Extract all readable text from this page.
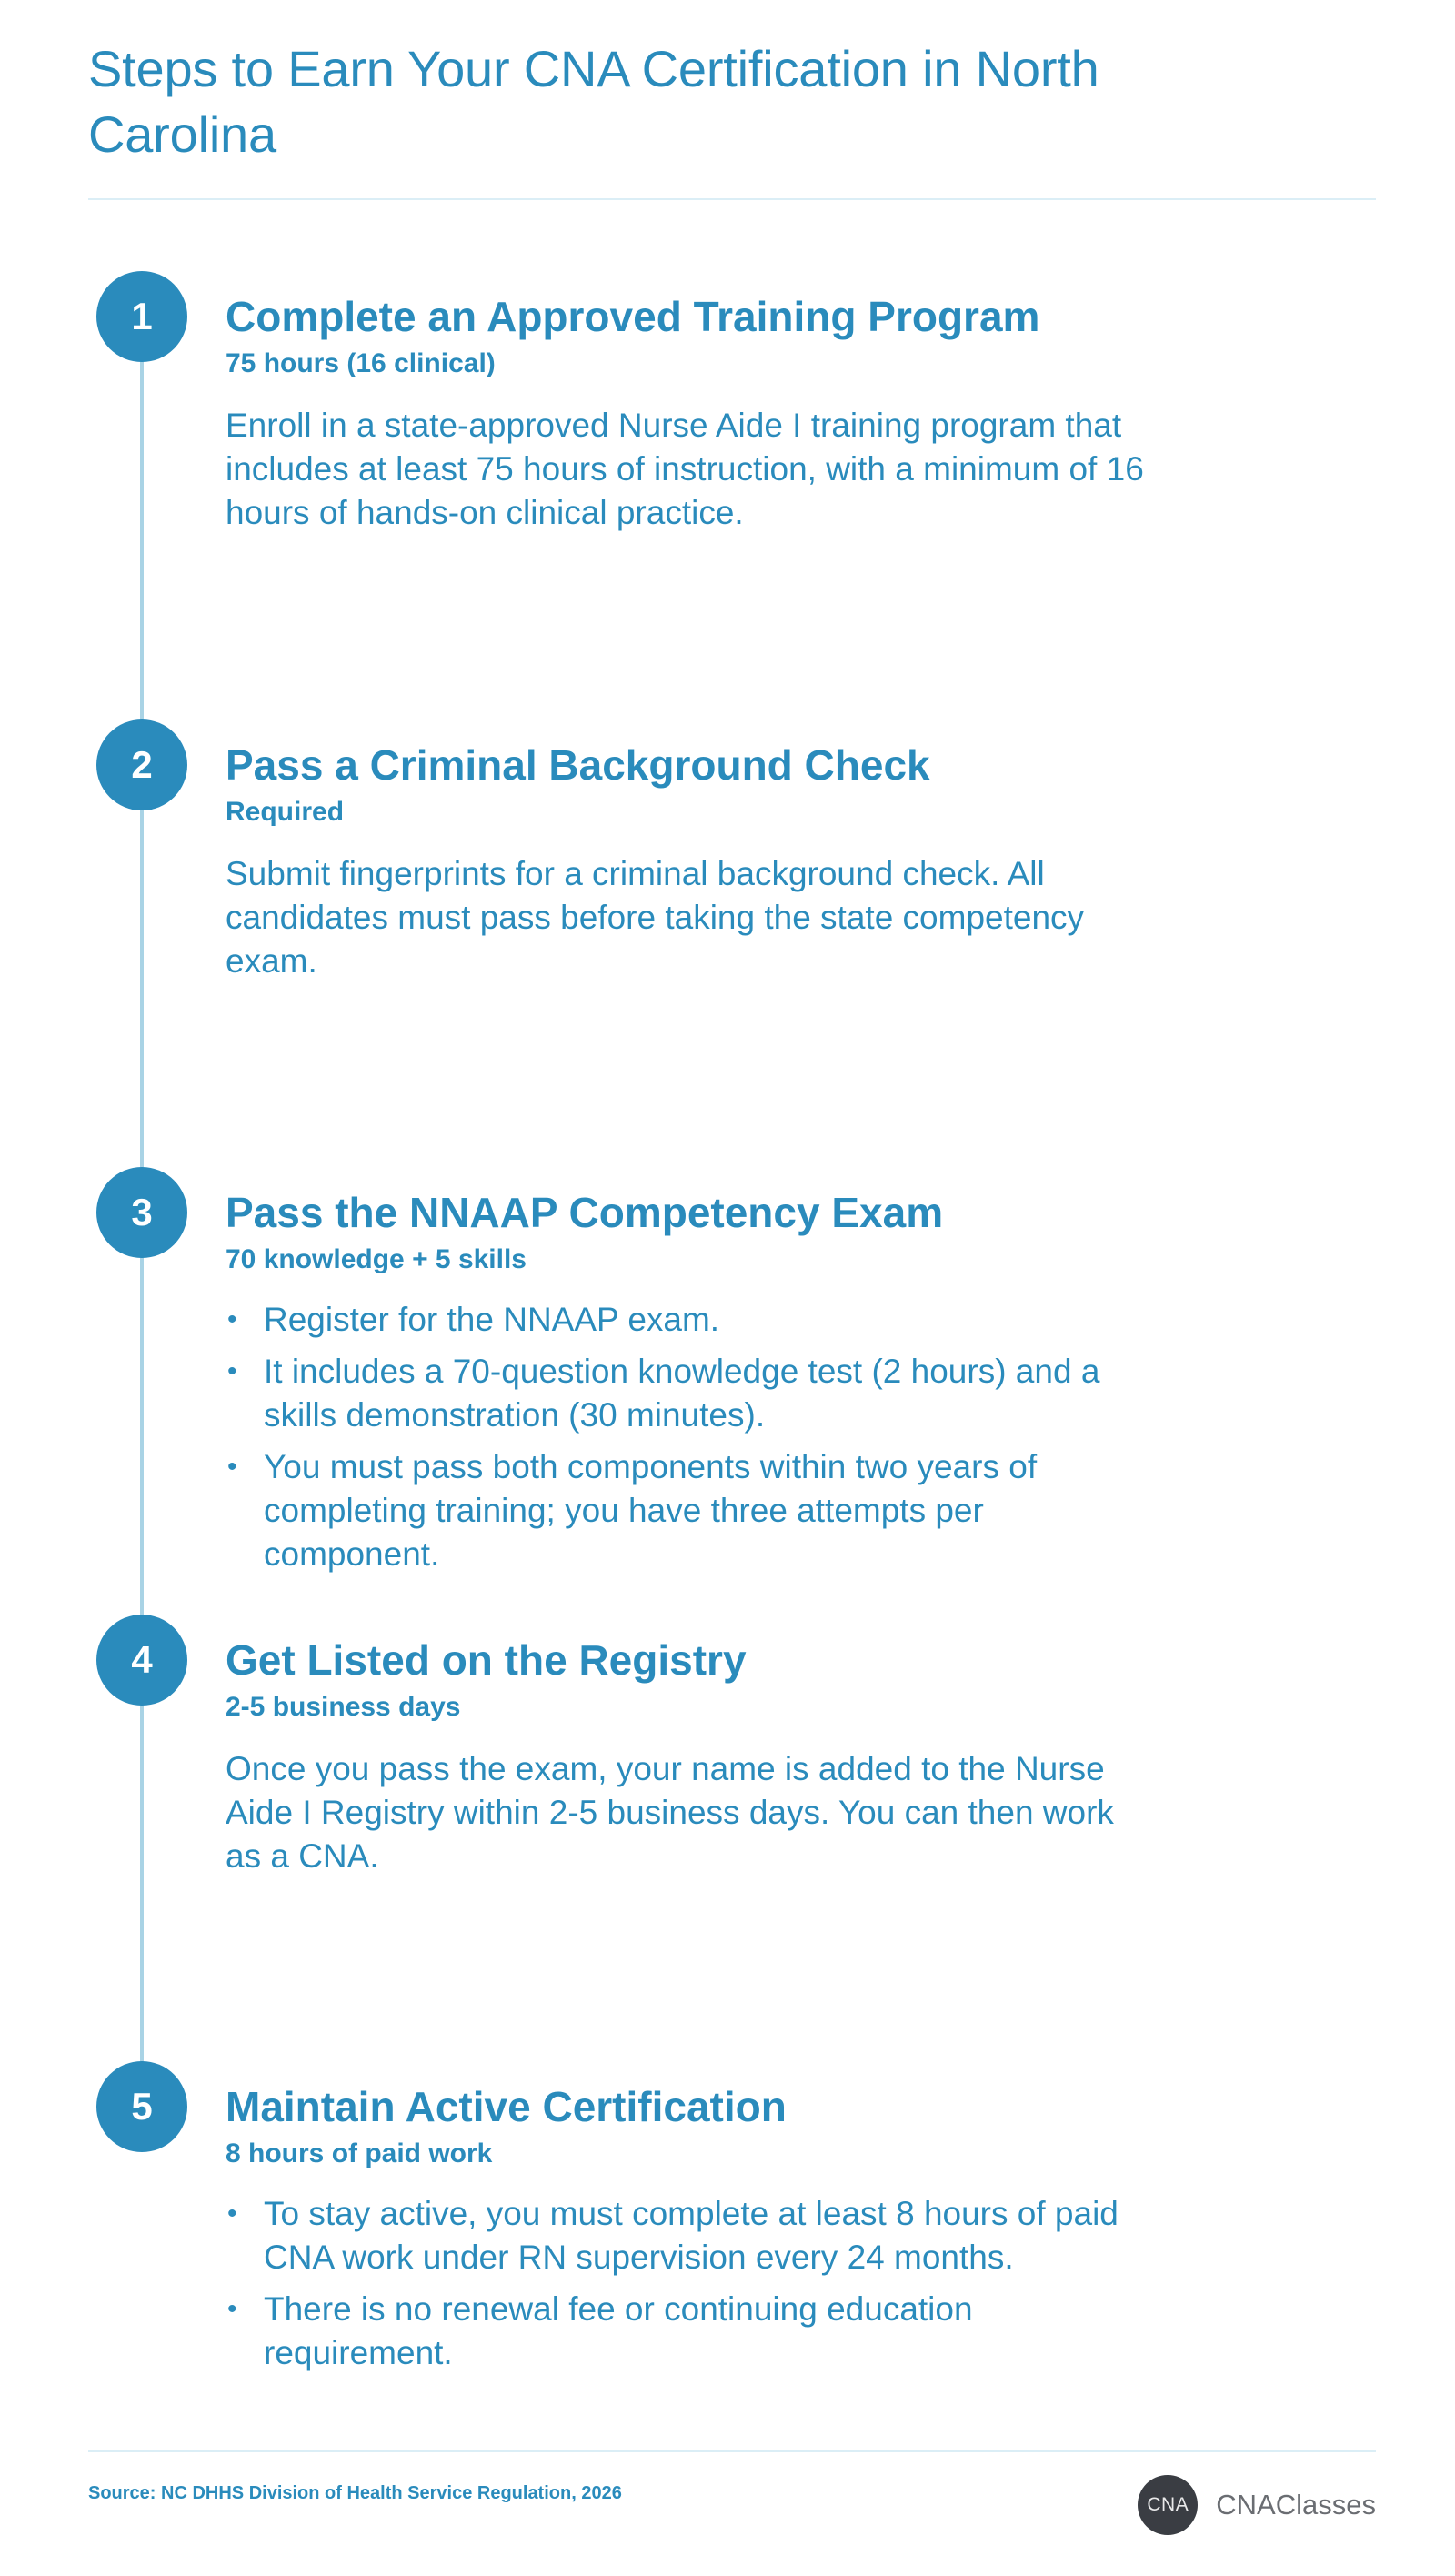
Steps to Earn Your CNA Certification in North Carolina
1	Complete an Approved Training Program
75 hours (16 clinical)

Enroll in a state-approved Nurse Aide I training program that includes at least 75 hours of instruction, with a minimum of 16 hours of hands-on clinical practice.

2	Pass a Criminal Background Check
Required

Submit fingerprints for a criminal background check. All candidates must pass before taking the state competency exam.

3	Pass the NNAAP Competency Exam
70 knowledge + 5 skills
• Register for the NNAAP exam.
• It includes a 70-question knowledge test (2 hours) and a skills demonstration (30 minutes).
• You must pass both components within two years of completing training; you have three attempts per component.
4	Get Listed on the Registry
2-5 business days

Once you pass the exam, your name is added to the Nurse Aide I Registry within 2-5 business days. You can then work as a CNA.

5	Maintain Active Certification
8 hours of paid work
• To stay active, you must complete at least 8 hours of paid CNA work under RN supervision every 24 months.
• There is no renewal fee or continuing education requirement.
Source: NC DHHS Division of Health Service Regulation, 2026
CNA CNAClasses
